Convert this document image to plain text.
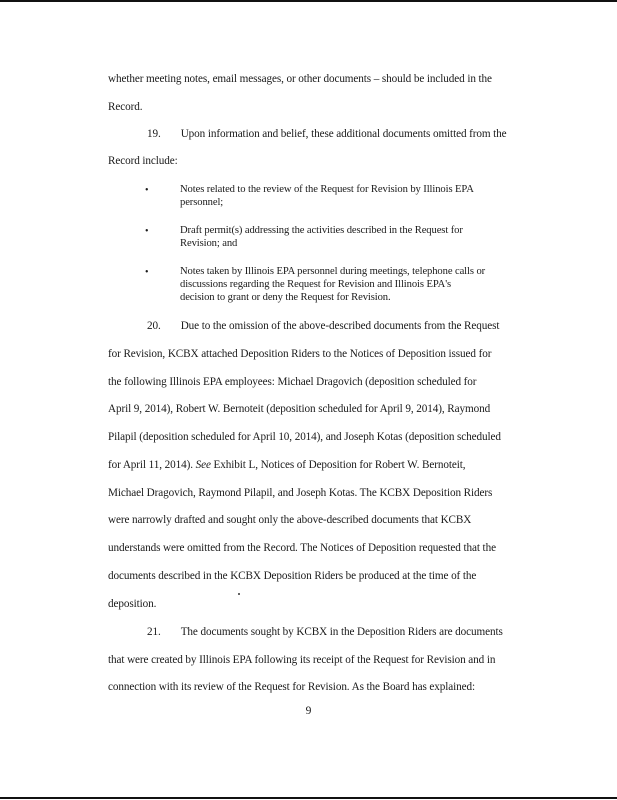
whether meeting notes, email messages, or other documents – should be included in the
Record.
19. Upon information and belief, these additional documents omitted from the
Record include:
•	Notes related to the review of the Request for Revision by Illinois EPA
personnel;
•	Draft permit(s) addressing the activities described in the Request for
Revision; and
•	Notes taken by Illinois EPA personnel during meetings, telephone calls or
discussions regarding the Request for Revision and Illinois EPA's
decision to grant or deny the Request for Revision.
20. Due to the omission of the above-described documents from the Request
for Revision, KCBX attached Deposition Riders to the Notices of Deposition issued for
the following Illinois EPA employees: Michael Dragovich (deposition scheduled for
April 9, 2014), Robert W. Bernoteit (deposition scheduled for April 9, 2014), Raymond
Pilapil (deposition scheduled for April 10, 2014), and Joseph Kotas (deposition scheduled
for April 11, 2014). See Exhibit L, Notices of Deposition for Robert W. Bernoteit,
Michael Dragovich, Raymond Pilapil, and Joseph Kotas. The KCBX Deposition Riders
were narrowly drafted and sought only the above-described documents that KCBX
understands were omitted from the Record. The Notices of Deposition requested that the
documents described in the KCBX Deposition Riders be produced at the time of the
deposition.
21. The documents sought by KCBX in the Deposition Riders are documents
that were created by Illinois EPA following its receipt of the Request for Revision and in
connection with its review of the Request for Revision. As the Board has explained:
9
